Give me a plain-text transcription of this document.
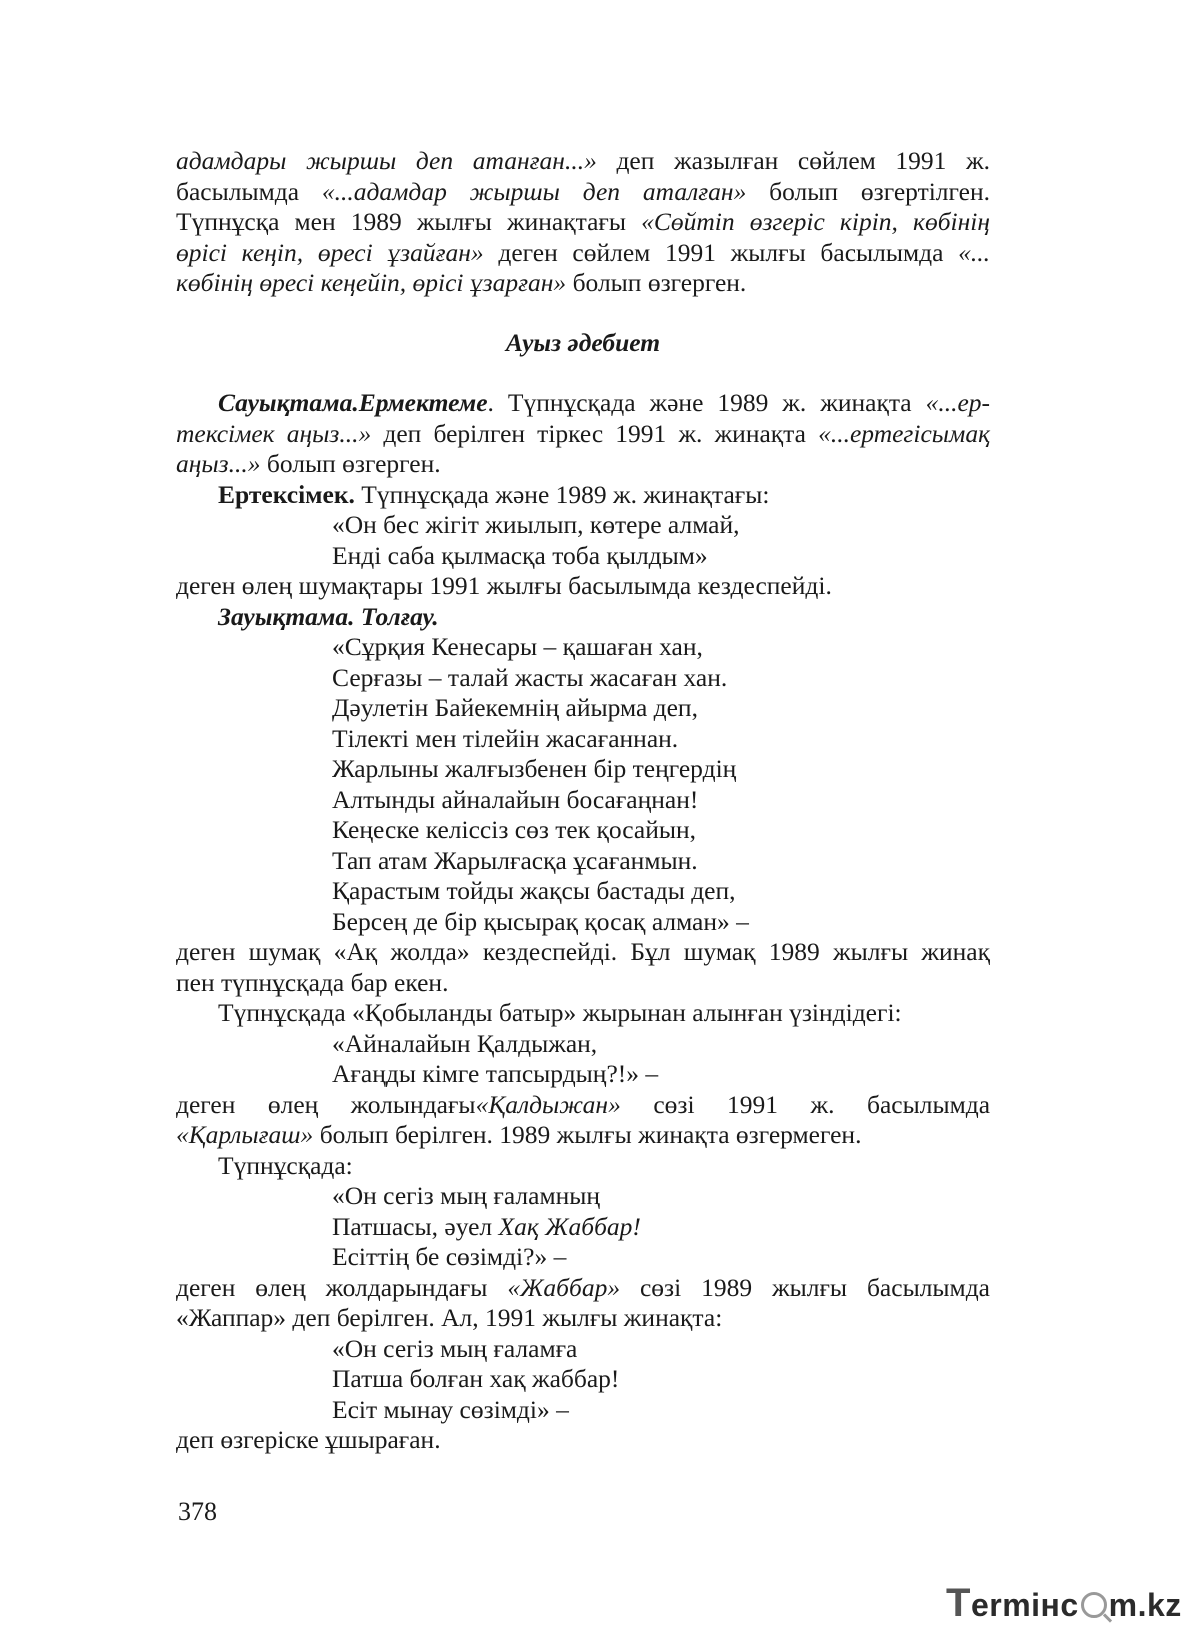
адамдары жыршы деп атанған...» деп жазылған сөйлем 1991 ж.
басылымда «...адамдар жыршы деп аталған» болып өзгертілген.
Түпнұсқа мен 1989 жылғы жинақтағы «Сөйтіп өзгеріс кіріп, көбінің
өрісі кеңіп, өресі ұзайған» деген сөйлем 1991 жылғы басылымда «...
көбінің өресі кеңейіп, өрісі ұзарған» болып өзгерген.
Ауыз әдебиет
Сауықтама.Ермектеме. Түпнұсқада және 1989 ж. жинақта «...ер-
тексімек аңыз...» деп берілген тіркес 1991 ж. жинақта «...ертегісымақ
аңыз...» болып өзгерген.
Ертексімек. Түпнұсқада және 1989 ж. жинақтағы:
«Он бес жігіт жиылып, көтере алмай,
Енді саба қылмасқа тоба қылдым»
деген өлең шумақтары 1991 жылғы басылымда кездеспейді.
Зауықтама. Толғау.
«Сұрқия Кенесары – қашаған хан,
Серғазы – талай жасты жасаған хан.
Дәулетін Байекемнің айырма деп,
Тілекті мен тілейін жасағаннан.
Жарлыны жалғызбенен бір теңгердің
Алтынды айналайын босағаңнан!
Кеңеске келіссіз сөз тек қосайын,
Тап атам Жарылғасқа ұсағанмын.
Қарастым тойды жақсы бастады деп,
Берсең де бір қысырақ қосақ алман» –
деген шумақ «Ақ жолда» кездеспейді. Бұл шумақ 1989 жылғы жинақ
пен түпнұсқада бар екен.
Түпнұсқада «Қобыланды батыр» жырынан алынған үзіндідегі:
«Айналайын Қалдыжан,
Ағаңды кімге тапсырдың?!» –
деген өлең жолындағы«Қалдыжан» сөзі 1991 ж. басылымда
«Қарлығаш» болып берілген. 1989 жылғы жинақта өзгермеген.
Түпнұсқада:
«Он сегіз мың ғаламның
Патшасы, әуел Хақ Жаббар!
Есіттің бе сөзімді?» –
деген өлең жолдарындағы «Жаббар» сөзі 1989 жылғы басылымда
«Жаппар» деп берілген. Ал, 1991 жылғы жинақта:
«Он сегіз мың ғаламға
Патша болған хақ жаббар!
Есіт мынау сөзімді» –
деп өзгеріске ұшыраған.
378
Termінc m.kz
